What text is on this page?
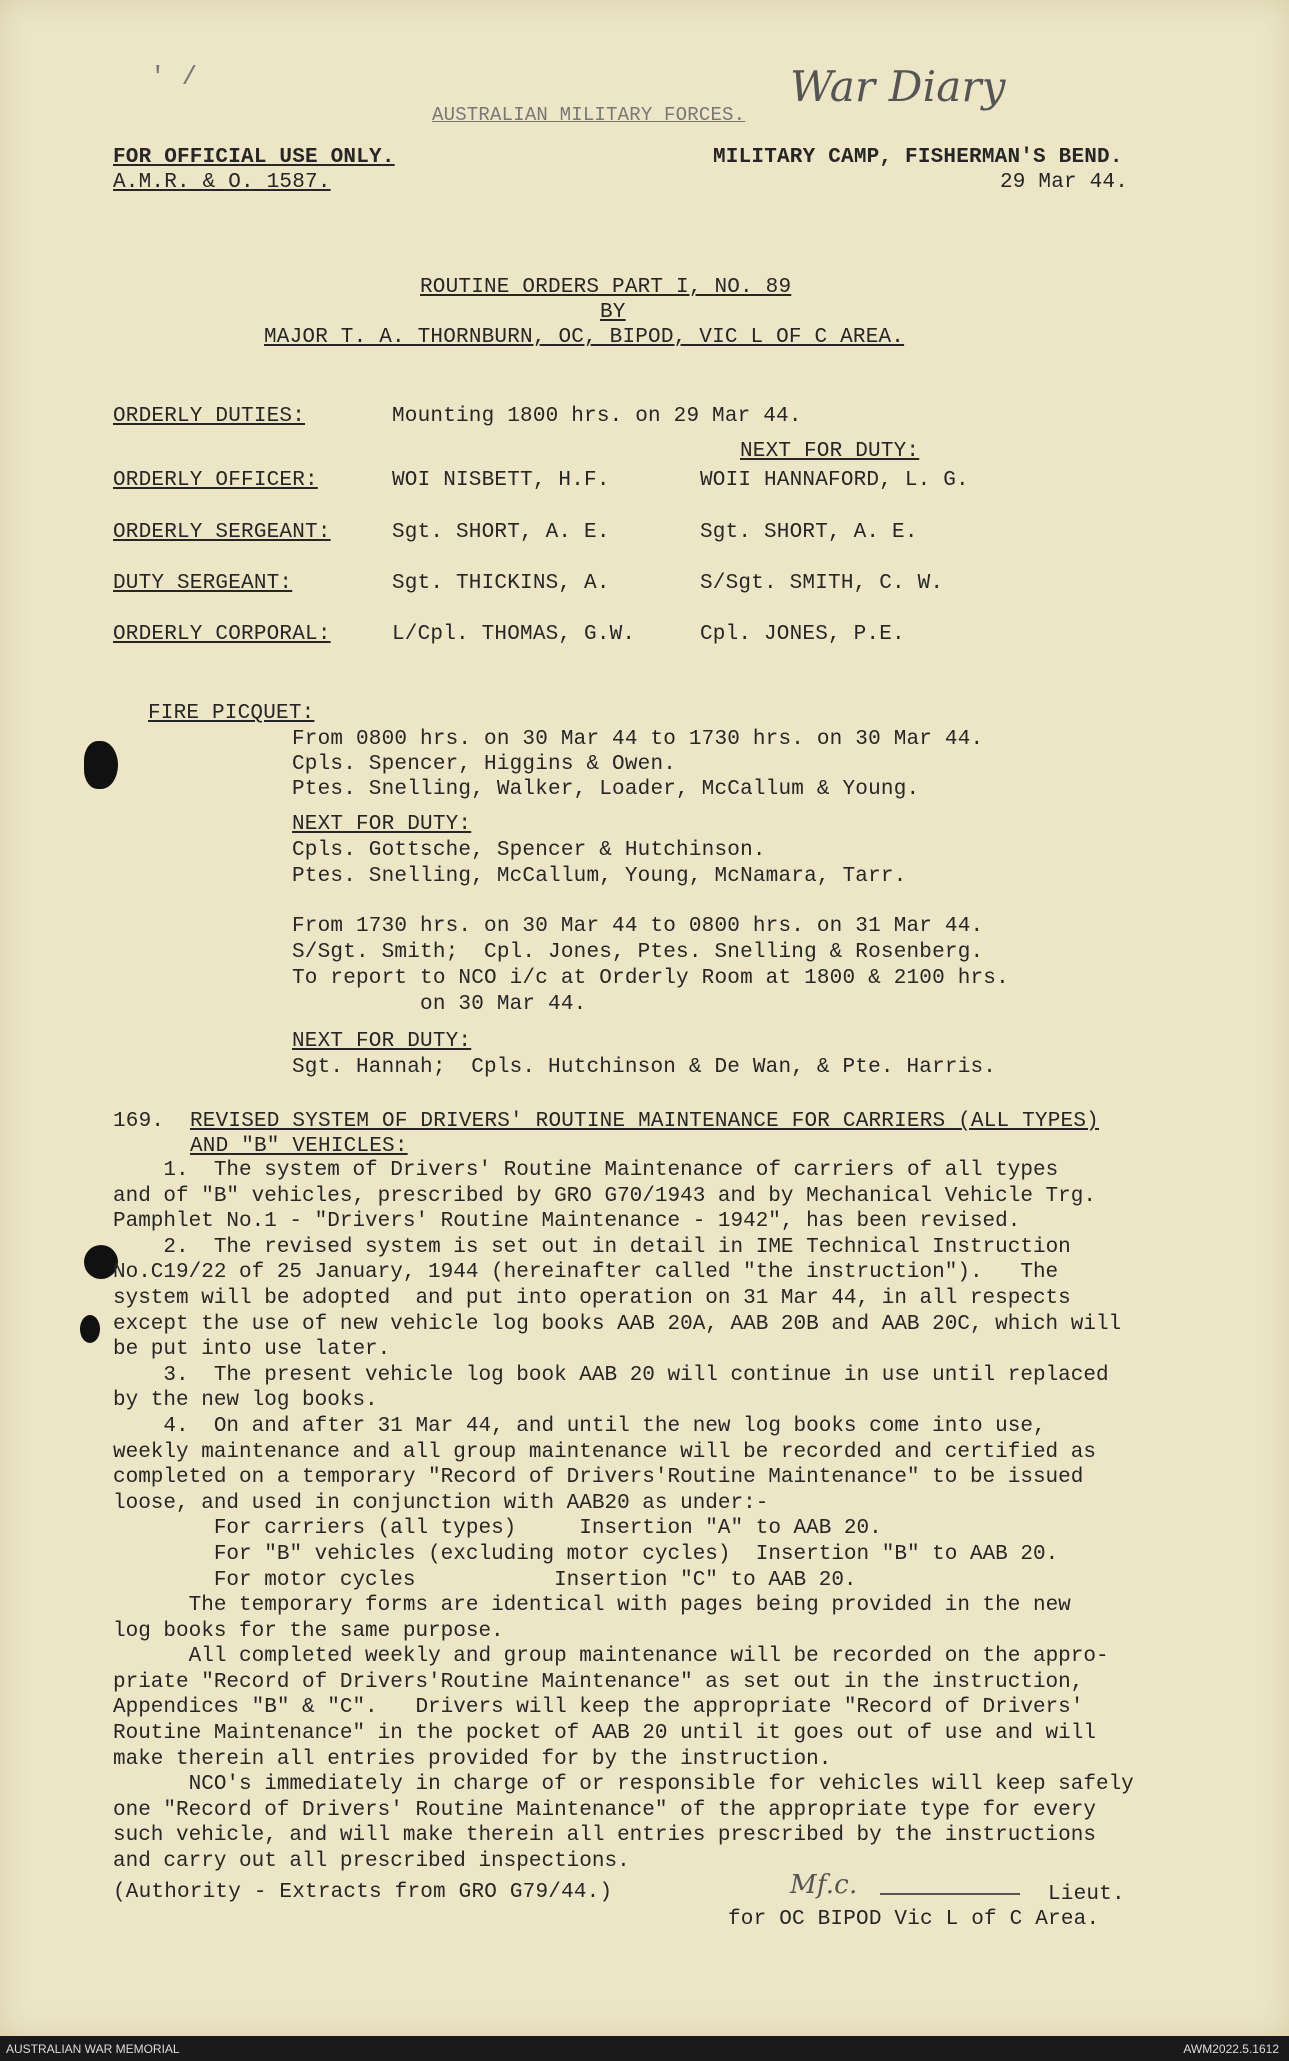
' /
AUSTRALIAN MILITARY FORCES.
War Diary
FOR OFFICIAL USE ONLY.
A.M.R. & O. 1587.
MILITARY CAMP, FISHERMAN'S BEND.
29 Mar 44.
ROUTINE ORDERS PART I, NO. 89
BY
MAJOR T. A. THORNBURN, OC, BIPOD, VIC L OF C AREA.
ORDERLY DUTIES:	Mounting 1800 hrs. on 29 Mar 44.
NEXT FOR DUTY:
ORDERLY OFFICER:	WOI NISBETT, H.F.	WOII HANNAFORD, L. G.
ORDERLY SERGEANT:	Sgt. SHORT, A. E.	Sgt. SHORT, A. E.
DUTY SERGEANT:	Sgt. THICKINS, A.	S/Sgt. SMITH, C. W.
ORDERLY CORPORAL:	L/Cpl. THOMAS, G.W.	Cpl. JONES, P.E.
FIRE PICQUET:
From 0800 hrs. on 30 Mar 44 to 1730 hrs. on 30 Mar 44.
Cpls. Spencer, Higgins & Owen.
Ptes. Snelling, Walker, Loader, McCallum & Young.
NEXT FOR DUTY:
Cpls. Gottsche, Spencer & Hutchinson.
Ptes. Snelling, McCallum, Young, McNamara, Tarr.
From 1730 hrs. on 30 Mar 44 to 0800 hrs. on 31 Mar 44.
S/Sgt. Smith;  Cpl. Jones, Ptes. Snelling & Rosenberg.
To report to NCO i/c at Orderly Room at 1800 & 2100 hrs.
on 30 Mar 44.
NEXT FOR DUTY:
Sgt. Hannah;  Cpls. Hutchinson & De Wan, & Pte. Harris.
169. REVISED SYSTEM OF DRIVERS' ROUTINE MAINTENANCE FOR CARRIERS (ALL TYPES)
AND "B" VEHICLES:
1.  The system of Drivers' Routine Maintenance of carriers of all types
and of "B" vehicles, prescribed by GRO G70/1943 and by Mechanical Vehicle Trg.
Pamphlet No.1 - "Drivers' Routine Maintenance - 1942", has been revised.
2.  The revised system is set out in detail in IME Technical Instruction
No.C19/22 of 25 January, 1944 (hereinafter called "the instruction").   The
system will be adopted  and put into operation on 31 Mar 44, in all respects
except the use of new vehicle log books AAB 20A, AAB 20B and AAB 20C, which will
be put into use later.
3.  The present vehicle log book AAB 20 will continue in use until replaced
by the new log books.
4.  On and after 31 Mar 44, and until the new log books come into use,
weekly maintenance and all group maintenance will be recorded and certified as
completed on a temporary "Record of Drivers'Routine Maintenance" to be issued
loose, and used in conjunction with AAB20 as under:-
For carriers (all types)     Insertion "A" to AAB 20.
For "B" vehicles (excluding motor cycles)  Insertion "B" to AAB 20.
For motor cycles           Insertion "C" to AAB 20.
The temporary forms are identical with pages being provided in the new
log books for the same purpose.
All completed weekly and group maintenance will be recorded on the appro-
priate "Record of Drivers'Routine Maintenance" as set out in the instruction,
Appendices "B" & "C".   Drivers will keep the appropriate "Record of Drivers'
Routine Maintenance" in the pocket of AAB 20 until it goes out of use and will
make therein all entries provided for by the instruction.
NCO's immediately in charge of or responsible for vehicles will keep safely
one "Record of Drivers' Routine Maintenance" of the appropriate type for every
such vehicle, and will make therein all entries prescribed by the instructions
and carry out all prescribed inspections.
(Authority - Extracts from GRO G79/44.)	Mf.c.	Lieut.
for OC BIPOD Vic L of C Area.
AUSTRALIAN WAR MEMORIAL	AWM2022.5.1612
